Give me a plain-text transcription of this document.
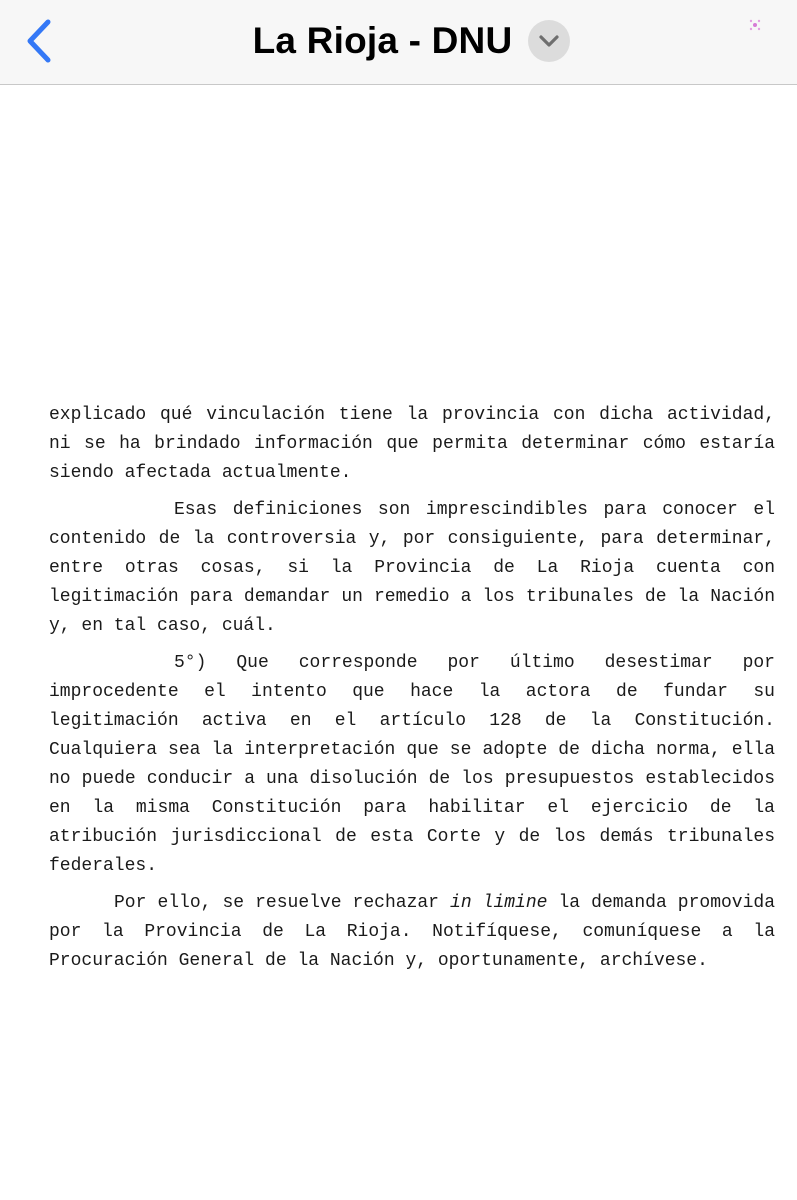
La Rioja - DNU

explicado qué vinculación tiene la provincia con dicha actividad, ni se ha brindado información que permita determinar cómo estaría siendo afectada actualmente.

Esas definiciones son imprescindibles para conocer el contenido de la controversia y, por consiguiente, para determinar, entre otras cosas, si la Provincia de La Rioja cuenta con legitimación para demandar un remedio a los tribunales de la Nación y, en tal caso, cuál.

5°) Que corresponde por último desestimar por improcedente el intento que hace la actora de fundar su legitimación activa en el artículo 128 de la Constitución. Cualquiera sea la interpretación que se adopte de dicha norma, ella no puede conducir a una disolución de los presupuestos establecidos en la misma Constitución para habilitar el ejercicio de la atribución jurisdiccional de esta Corte y de los demás tribunales federales.

Por ello, se resuelve rechazar in limine la demanda promovida por la Provincia de La Rioja. Notifíquese, comuníquese a la Procuración General de la Nación y, oportunamente, archívese.
